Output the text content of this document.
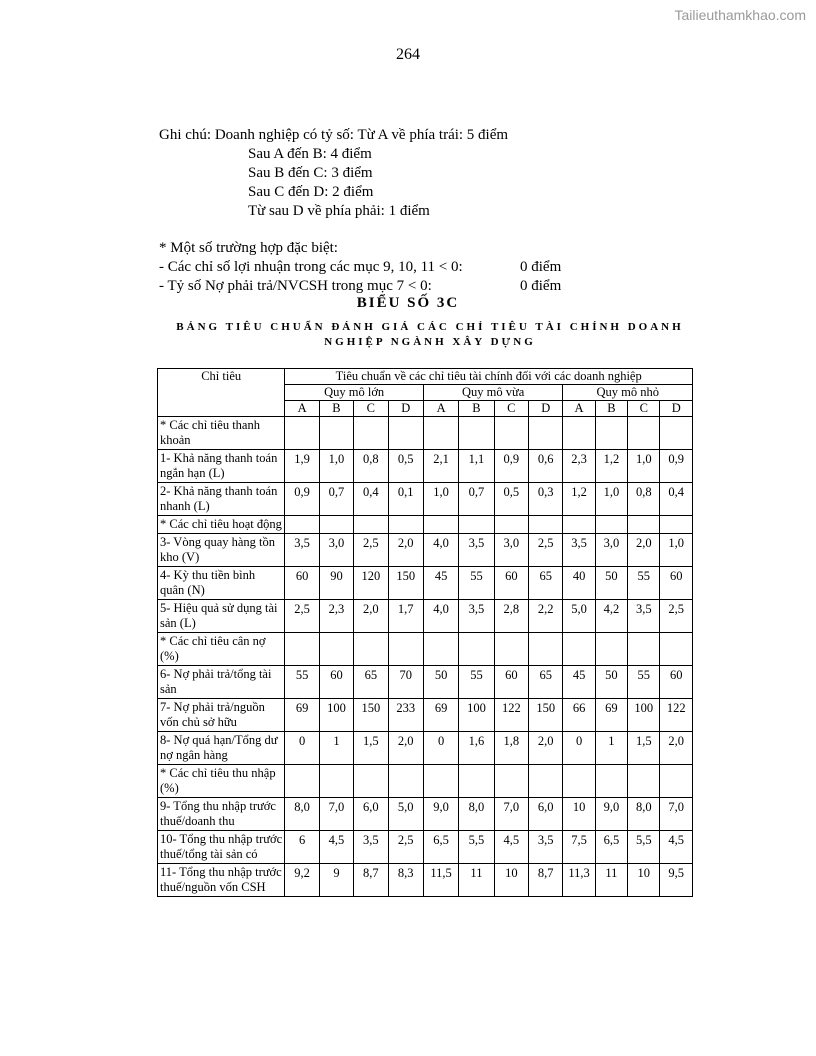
Tailieuthamkhao.com
264
Ghi chú: Doanh nghiệp có tỷ số: Từ A về phía trái: 5 điểm
Sau A đến B: 4 điểm
Sau B đến C: 3 điểm
Sau C đến D: 2 điểm
Từ sau D về phía phải: 1 điểm
* Một số trường hợp đặc biệt:
- Các chỉ số lợi nhuận trong các mục 9, 10, 11 < 0:	0 điểm
- Tỷ số Nợ phải trả/NVCSH trong mục 7 < 0:	0 điểm
BIỂU SỐ 3C
BẢNG TIÊU CHUẨN ĐÁNH GIÁ CÁC CHỈ TIÊU TÀI CHÍNH DOANH NGHIỆP NGÀNH XÂY DỰNG
Chỉ tiêu	Tiêu chuẩn về các chỉ tiêu tài chính đối với các doanh nghiệp											
	Quy mô lớn				Quy mô vừa				Quy mô nhỏ			
	A	B	C	D	A	B	C	D	A	B	C	D
* Các chỉ tiêu thanh khoản												
1- Khả năng thanh toán ngắn hạn (L)	1,9	1,0	0,8	0,5	2,1	1,1	0,9	0,6	2,3	1,2	1,0	0,9
2- Khả năng thanh toán nhanh (L)	0,9	0,7	0,4	0,1	1,0	0,7	0,5	0,3	1,2	1,0	0,8	0,4
* Các chỉ tiêu hoạt động												
3- Vòng quay hàng tồn kho (V)	3,5	3,0	2,5	2,0	4,0	3,5	3,0	2,5	3,5	3,0	2,0	1,0
4- Kỳ thu tiền bình quân (N)	60	90	120	150	45	55	60	65	40	50	55	60
5- Hiệu quả sử dụng tài sản (L)	2,5	2,3	2,0	1,7	4,0	3,5	2,8	2,2	5,0	4,2	3,5	2,5
* Các chỉ tiêu cân nợ (%)												
6- Nợ phải trả/tổng tài sản	55	60	65	70	50	55	60	65	45	50	55	60
7- Nợ phải trả/nguồn vốn chủ sở hữu	69	100	150	233	69	100	122	150	66	69	100	122
8- Nợ quá hạn/Tổng dư nợ ngân hàng	0	1	1,5	2,0	0	1,6	1,8	2,0	0	1	1,5	2,0
* Các chỉ tiêu thu nhập (%)												
9- Tổng thu nhập trước thuế/doanh thu	8,0	7,0	6,0	5,0	9,0	8,0	7,0	6,0	10	9,0	8,0	7,0
10- Tổng thu nhập trước thuế/tổng tài sản có	6	4,5	3,5	2,5	6,5	5,5	4,5	3,5	7,5	6,5	5,5	4,5
11- Tổng thu nhập trước thuế/nguồn vốn CSH	9,2	9	8,7	8,3	11,5	11	10	8,7	11,3	11	10	9,5
